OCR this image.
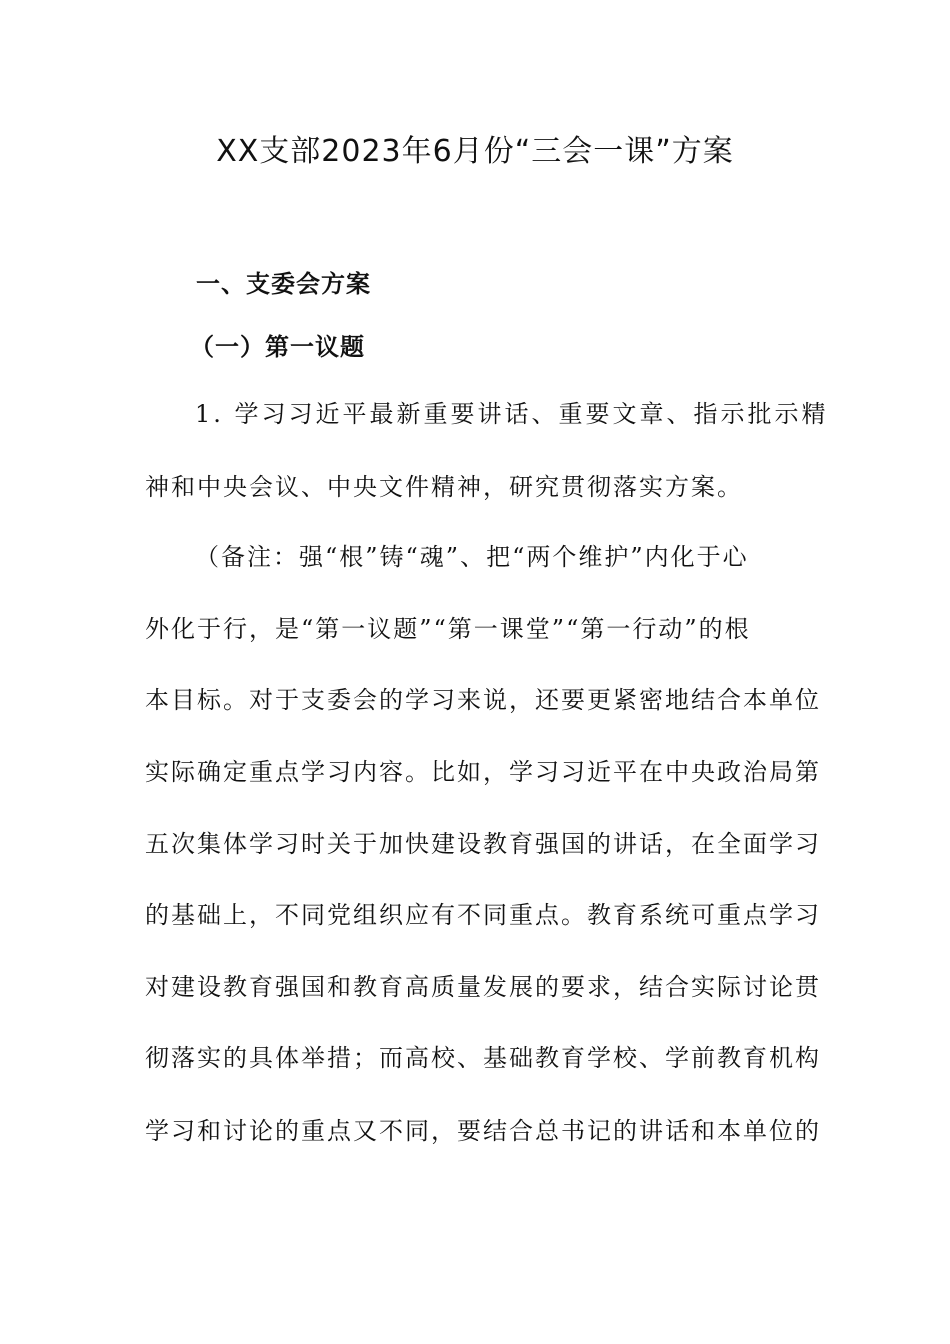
XX支部2023年6月份“三会一课”方案
一、支委会方案
（一）第一议题
1. 学习习近平最新重要讲话、重要文章、指示批示精
神和中央会议、中央文件精神，研究贯彻落实方案。
（备注：强“根”铸“魂”、把“两个维护”内化于心
外化于行，是“第一议题”“第一课堂”“第一行动”的根
本目标。对于支委会的学习来说，还要更紧密地结合本单位
实际确定重点学习内容。比如，学习习近平在中央政治局第
五次集体学习时关于加快建设教育强国的讲话，在全面学习
的基础上，不同党组织应有不同重点。教育系统可重点学习
对建设教育强国和教育高质量发展的要求，结合实际讨论贯
彻落实的具体举措；而高校、基础教育学校、学前教育机构
学习和讨论的重点又不同，要结合总书记的讲话和本单位的
